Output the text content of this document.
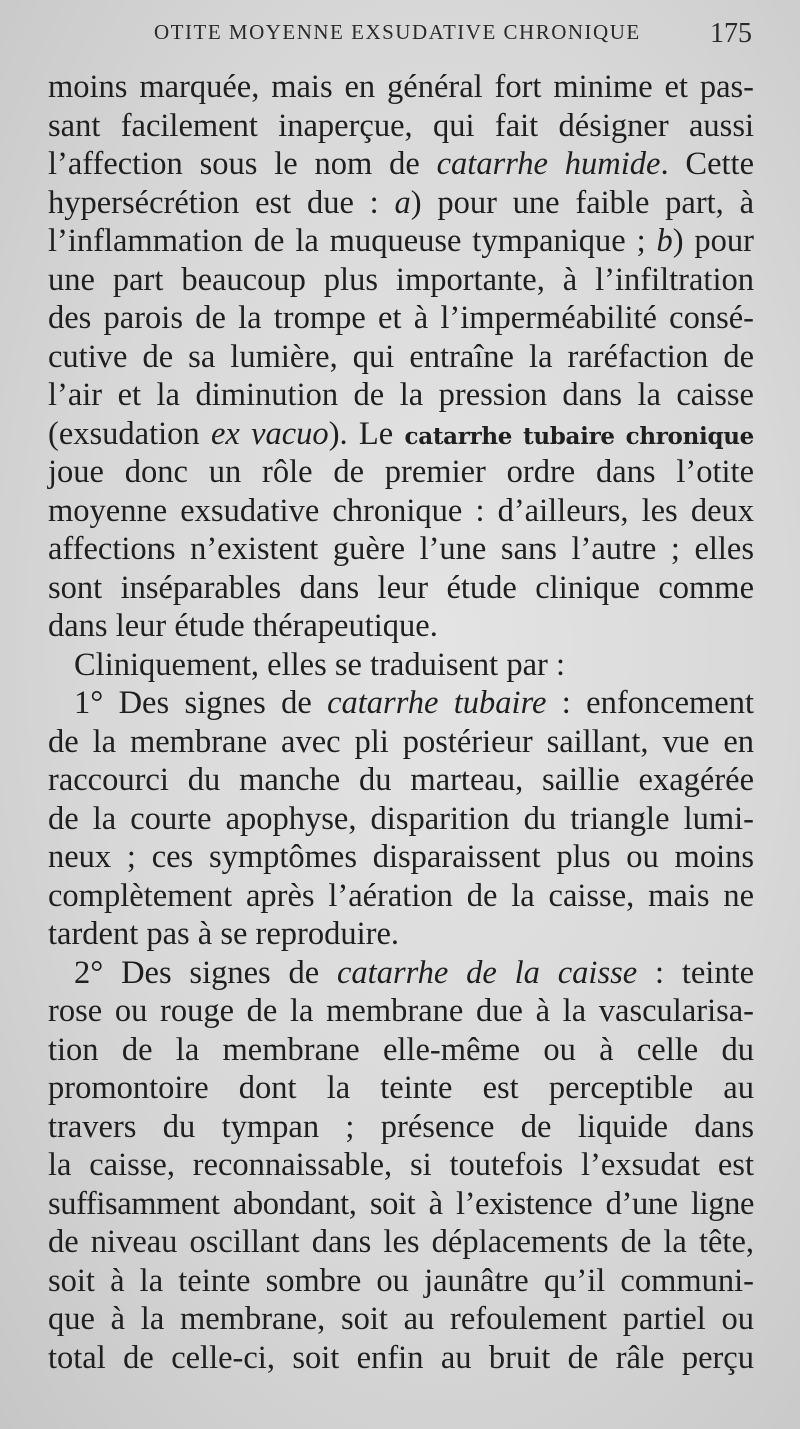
OTITE MOYENNE EXSUDATIVE CHRONIQUE 175
moins marquée, mais en général fort minime et pas-
sant facilement inaperçue, qui fait désigner aussi
l’affection sous le nom de catarrhe humide. Cette
hypersécrétion est due : a) pour une faible part, à
l’inflammation de la muqueuse tympanique ; b) pour
une part beaucoup plus importante, à l’infiltration
des parois de la trompe et à l’imperméabilité consé-
cutive de sa lumière, qui entraîne la raréfaction de
l’air et la diminution de la pression dans la caisse
(exsudation ex vacuo). Le catarrhe tubaire chronique
joue donc un rôle de premier ordre dans l’otite
moyenne exsudative chronique : d’ailleurs, les deux
affections n’existent guère l’une sans l’autre ; elles
sont inséparables dans leur étude clinique comme
dans leur étude thérapeutique.
Cliniquement, elles se traduisent par :
1° Des signes de catarrhe tubaire : enfoncement
de la membrane avec pli postérieur saillant, vue en
raccourci du manche du marteau, saillie exagérée
de la courte apophyse, disparition du triangle lumi-
neux ; ces symptômes disparaissent plus ou moins
complètement après l’aération de la caisse, mais ne
tardent pas à se reproduire.
2° Des signes de catarrhe de la caisse : teinte
rose ou rouge de la membrane due à la vascularisa-
tion de la membrane elle-même ou à celle du
promontoire dont la teinte est perceptible au
travers du tympan ; présence de liquide dans
la caisse, reconnaissable, si toutefois l’exsudat est
suffisamment abondant, soit à l’existence d’une ligne
de niveau oscillant dans les déplacements de la tête,
soit à la teinte sombre ou jaunâtre qu’il communi-
que à la membrane, soit au refoulement partiel ou
total de celle-ci, soit enfin au bruit de râle perçu
